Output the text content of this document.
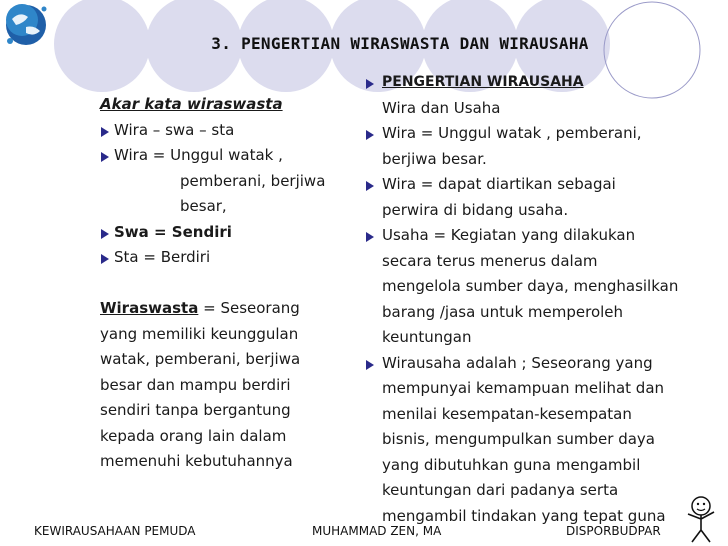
3. PENGERTIAN WIRASWASTA DAN WIRAUSAHA
Akar kata wiraswasta
Wira – swa – sta
Wira = Unggul watak ,
pemberani, berjiwa
besar,
Swa = Sendiri
Sta = Berdiri
Wiraswasta = Seseorang yang memiliki keunggulan watak, pemberani, berjiwa besar dan mampu berdiri sendiri tanpa bergantung kepada orang lain dalam memenuhi kebutuhannya
PENGERTIAN WIRAUSAHA
Wira dan Usaha
Wira = Unggul watak , pemberani,
berjiwa besar.
Wira = dapat diartikan sebagai
perwira di bidang usaha.
Usaha = Kegiatan yang dilakukan
secara terus menerus dalam
mengelola sumber daya, menghasilkan
barang /jasa untuk memperoleh
keuntungan
Wirausaha adalah ; Seseorang yang
mempunyai kemampuan melihat dan
menilai kesempatan-kesempatan
bisnis, mengumpulkan sumber daya
yang dibutuhkan guna mengambil
keuntungan dari padanya serta
mengambil tindakan yang tepat guna
KEWIRAUSAHAAN PEMUDA	MUHAMMAD ZEN, MA	DISPORBUDPAR
